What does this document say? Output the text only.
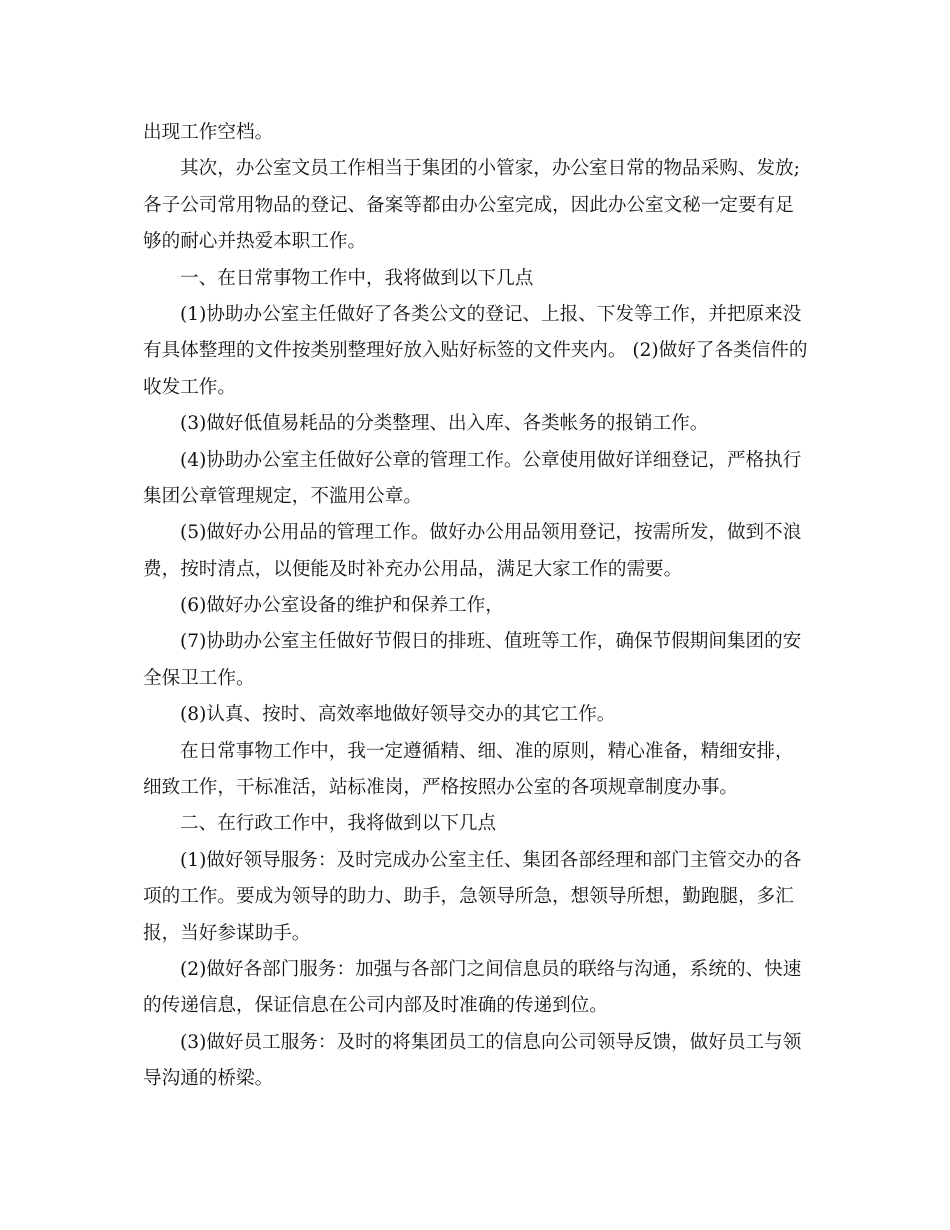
出现工作空档。
其次，办公室文员工作相当于集团的小管家，办公室日常的物品采购、发放;
各子公司常用物品的登记、备案等都由办公室完成，因此办公室文秘一定要有足
够的耐心并热爱本职工作。
一、在日常事物工作中，我将做到以下几点
(1)协助办公室主任做好了各类公文的登记、上报、下发等工作，并把原来没
有具体整理的文件按类别整理好放入贴好标签的文件夹内。 (2)做好了各类信件的
收发工作。
(3)做好低值易耗品的分类整理、出入库、各类帐务的报销工作。
(4)协助办公室主任做好公章的管理工作。公章使用做好详细登记，严格执行
集团公章管理规定，不滥用公章。
(5)做好办公用品的管理工作。做好办公用品领用登记，按需所发，做到不浪
费，按时清点，以便能及时补充办公用品，满足大家工作的需要。
(6)做好办公室设备的维护和保养工作，
(7)协助办公室主任做好节假日的排班、值班等工作，确保节假期间集团的安
全保卫工作。
(8)认真、按时、高效率地做好领导交办的其它工作。
在日常事物工作中，我一定遵循精、细、准的原则，精心准备，精细安排，
细致工作，干标准活，站标准岗，严格按照办公室的各项规章制度办事。
二、在行政工作中，我将做到以下几点
(1)做好领导服务：及时完成办公室主任、集团各部经理和部门主管交办的各
项的工作。要成为领导的助力、助手，急领导所急，想领导所想，勤跑腿，多汇
报，当好参谋助手。
(2)做好各部门服务：加强与各部门之间信息员的联络与沟通，系统的、快速
的传递信息，保证信息在公司内部及时准确的传递到位。
(3)做好员工服务：及时的将集团员工的信息向公司领导反馈，做好员工与领
导沟通的桥梁。
